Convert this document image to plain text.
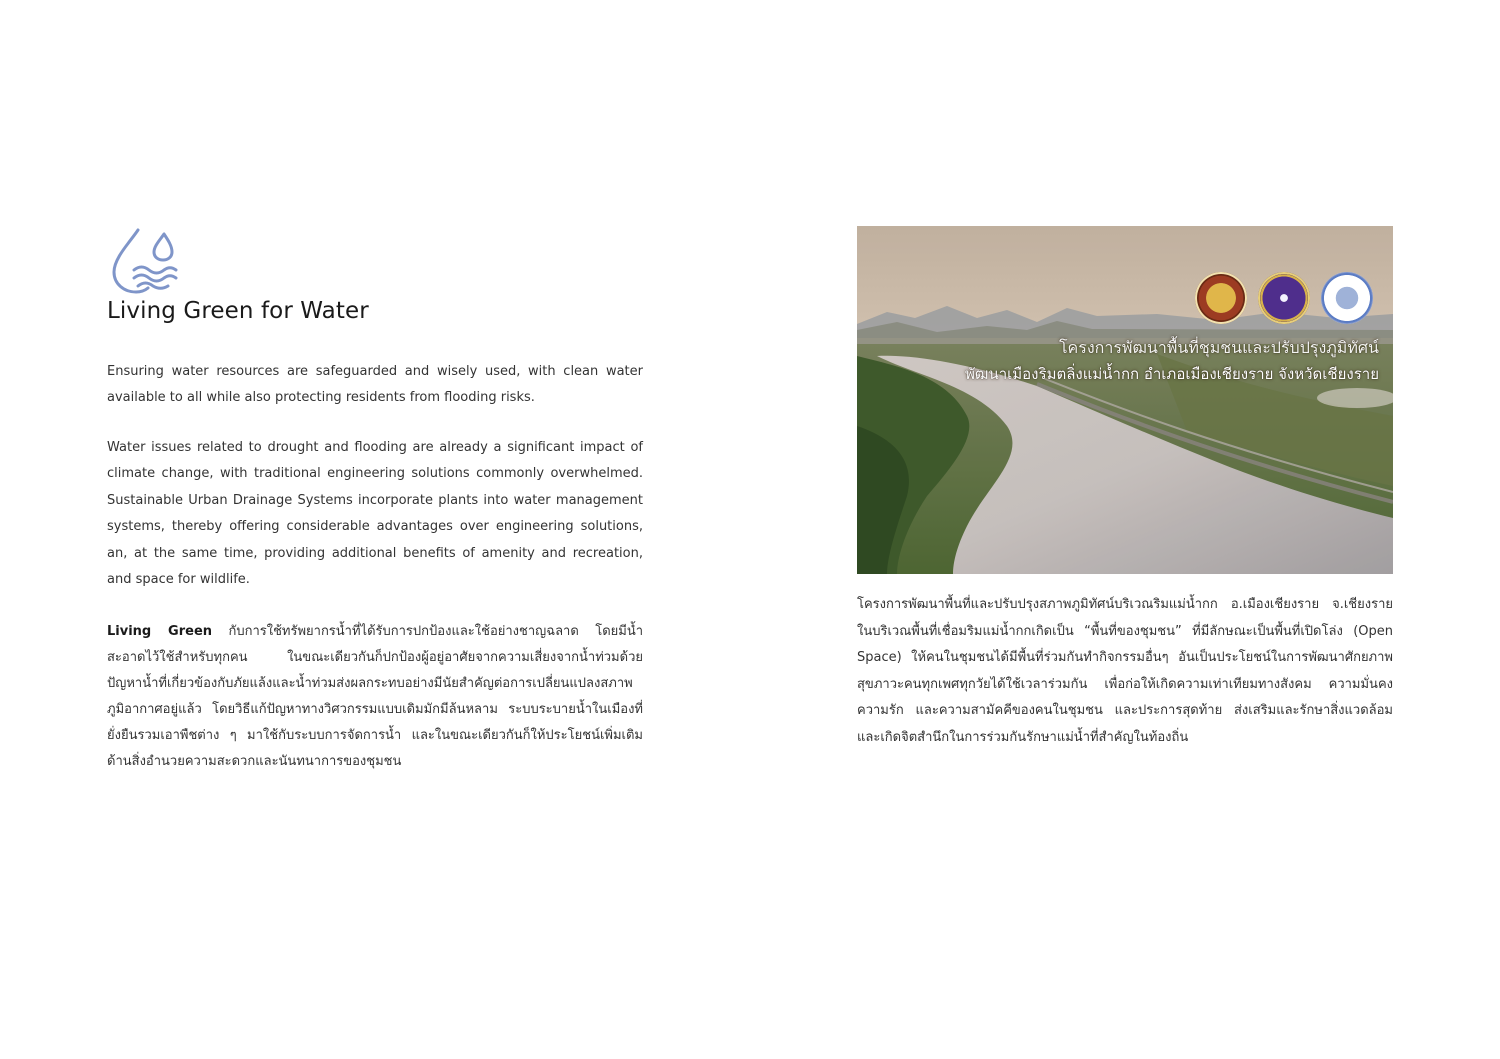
Living Green for Water

Ensuring water resources are safeguarded and wisely used, with clean water available to all while also protecting residents from flooding risks.

Water issues related to drought and flooding are already a significant impact of climate change, with traditional engineering solutions commonly overwhelmed. Sustainable Urban Drainage Systems incorporate plants into water management systems, thereby offering considerable advantages over engineering solutions, an, at the same time, providing additional benefits of amenity and recreation, and space for wildlife.

Living Green กับการใช้ทรัพยากรน้ำที่ได้รับการปกป้องและใช้อย่างชาญฉลาด โดยมีน้ำสะอาดไว้ใช้สำหรับทุกคน ในขณะเดียวกันก็ปกป้องผู้อยู่อาศัยจากความเสี่ยงจากน้ำท่วมด้วย ปัญหาน้ำที่เกี่ยวข้องกับภัยแล้งและน้ำท่วมส่งผลกระทบอย่างมีนัยสำคัญต่อการเปลี่ยนแปลงสภาพภูมิอากาศอยู่แล้ว โดยวิธีแก้ปัญหาทางวิศวกรรมแบบเดิมมักมีล้นหลาม ระบบระบายน้ำในเมืองที่ยั่งยืนรวมเอาพืชต่าง ๆ มาใช้กับระบบการจัดการน้ำ และในขณะเดียวกันก็ให้ประโยชน์เพิ่มเติมด้านสิ่งอำนวยความสะดวกและนันทนาการของชุมชน

โครงการพัฒนาพื้นที่ชุมชนและปรับปรุงภูมิทัศน์
พัฒนาเมืองริมตลิ่งแม่น้ำกก อำเภอเมืองเชียงราย จังหวัดเชียงราย

โครงการพัฒนาพื้นที่และปรับปรุงสภาพภูมิทัศน์บริเวณริมแม่น้ำกก อ.เมืองเชียงราย จ.เชียงราย ในบริเวณพื้นที่เชื่อมริมแม่น้ำกกเกิดเป็น “พื้นที่ของชุมชน” ที่มีลักษณะเป็นพื้นที่เปิดโล่ง (Open Space) ให้คนในชุมชนได้มีพื้นที่ร่วมกันทำกิจกรรมอื่นๆ อันเป็นประโยชน์ในการพัฒนาศักยภาพสุขภาวะคนทุกเพศทุกวัยได้ใช้เวลาร่วมกัน เพื่อก่อให้เกิดความเท่าเทียมทางสังคม ความมั่นคง ความรัก และความสามัคคีของคนในชุมชน และประการสุดท้าย ส่งเสริมและรักษาสิ่งแวดล้อม และเกิดจิตสำนึกในการร่วมกันรักษาแม่น้ำที่สำคัญในท้องถิ่น
